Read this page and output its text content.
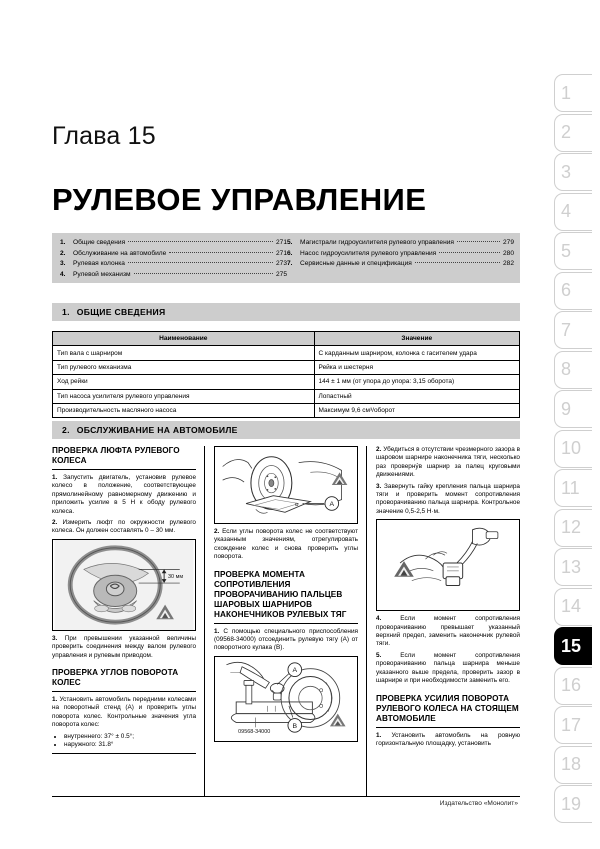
Глава 15
РУЛЕВОЕ УПРАВЛЕНИЕ
1.	Общие сведения	271
2.	Обслуживание на автомобиле	271
3.	Рулевая колонка	273
4.	Рулевой механизм	275
5.	Магистрали гидроусилителя рулевого управления	279
6.	Насос гидроусилителя рулевого управления	280
7.	Сервисные данные и спецификация	282
1. ОБЩИЕ СВЕДЕНИЯ
Наименование	Значение
Тип вала с шарниром	С карданным шарниром, колонка с гасителем удара
Тип рулевого механизма	Рейка и шестерня
Ход рейки	144 ± 1 мм (от упора до упора: 3,15 оборота)
Тип насоса усилителя рулевого управления	Лопастный
Производительность масляного насоса	Максимум 9,6 см³/оборот
2. ОБСЛУЖИВАНИЕ НА АВТОМОБИЛЕ
ПРОВЕРКА ЛЮФТА РУЛЕВОГО КОЛЕСА

1. Запустить двигатель, установив рулевое колесо в положение, соответствующее прямолинейному равномерному движению и приложить усилие в 5 Н к ободу рулевого колеса.

2. Измерить люфт по окружности рулевого колеса. Он должен составлять 0 – 30 мм.

30 мм

3. При превышении указанной величины проверить соединения между валом рулевого управления и рулевым приводом.

ПРОВЕРКА УГЛОВ ПОВОРОТА КОЛЕС

1. Установить автомобиль передними колесами на поворотный стенд (А) и проверить углы поворота колес. Контрольные значения угла поворота колес:

• внутреннего: 37° ± 0.5°;
• наружного: 31.8°
A

2. Если углы поворота колес не соответствуют указанным значениям, отрегулировать схождение колес и снова проверить углы поворота.

ПРОВЕРКА МОМЕНТА СОПРОТИВЛЕНИЯ ПРОВОРАЧИВАНИЮ ПАЛЬЦЕВ ШАРОВЫХ ШАРНИРОВ НАКОНЕЧНИКОВ РУЛЕВЫХ ТЯГ

1. С помощью специального приспособления (09568-34000) отсоединить рулевую тягу (А) от поворотного кулака (В).

A
B
09568-34000

2. Убедиться в отсутствии чрезмерного зазора в шаровом шарнире наконечника тяги, несколько раз проверну́в шарнир за палец круговыми движениями.

3. Завернуть гайку крепления пальца шарнира тяги и проверить момент сопротивления проворачиванию пальца шарнира. Контрольное значение 0,5-2,5 Н·м.

4.	Если момент сопротивления проворачиванию превышает указанный верхний предел, заменить наконечник рулевой тяги.

5.	Если момент сопротивления проворачиванию пальца шарнира меньше указанного выше предела, проверить зазор в шарнире и при необходимости заменить его.

ПРОВЕРКА УСИЛИЯ ПОВОРОТА РУЛЕВОГО КОЛЕСА НА СТОЯЩЕМ АВТОМОБИЛЕ

1. Установить автомобиль на ровную горизонтальную площадку, установить

Издательство «Монолит»
1
2
3
4
5
6
7
8
9
10
11
12
13
14
15
16
17
18
19
